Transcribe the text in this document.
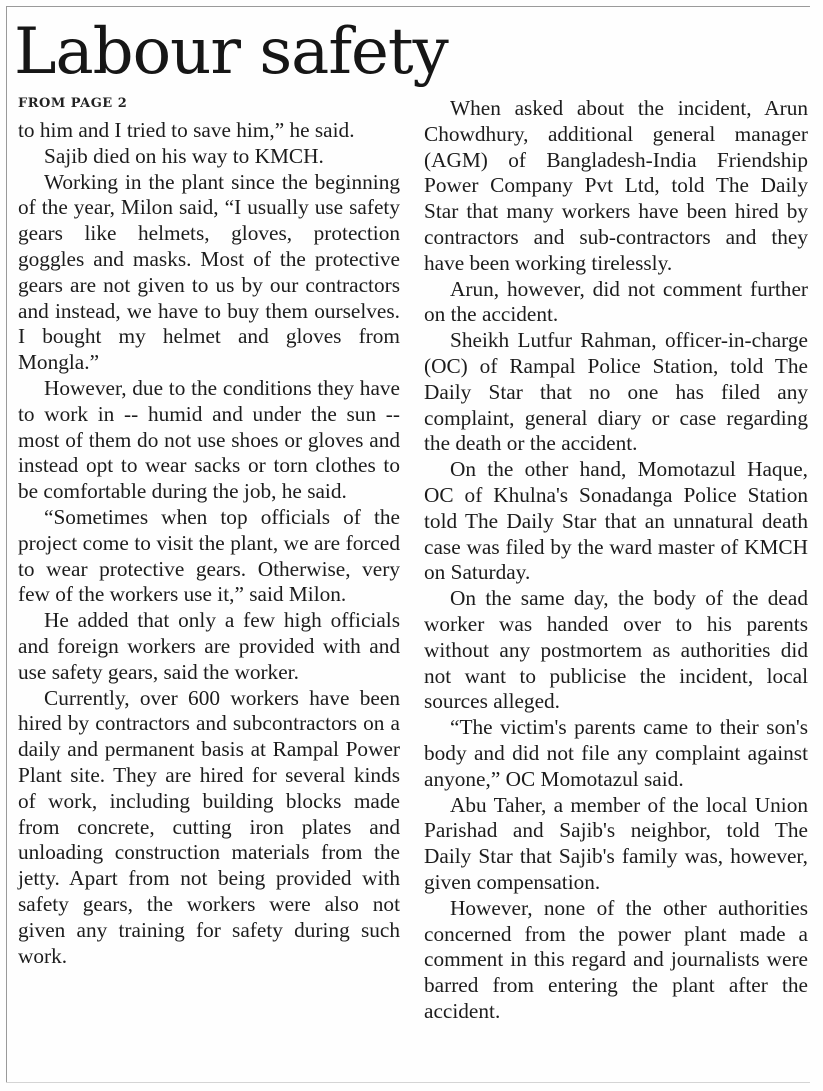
Labour safety
FROM PAGE 2

to him and I tried to save him,” he said.

Sajib died on his way to KMCH.

Working in the plant since the beginning of the year, Milon said, “I usually use safety gears like helmets, gloves, protection goggles and masks. Most of the protective gears are not given to us by our contractors and instead, we have to buy them ourselves. I bought my helmet and gloves from Mongla.”

However, due to the conditions they have to work in -- humid and under the sun -- most of them do not use shoes or gloves and instead opt to wear sacks or torn clothes to be comfortable during the job, he said.

“Sometimes when top officials of the project come to visit the plant, we are forced to wear protective gears. Otherwise, very few of the workers use it,” said Milon.

He added that only a few high officials and foreign workers are provided with and use safety gears, said the worker.

Currently, over 600 workers have been hired by contractors and subcontractors on a daily and permanent basis at Rampal Power Plant site. They are hired for several kinds of work, including building blocks made from concrete, cutting iron plates and unloading construction materials from the jetty. Apart from not being provided with safety gears, the workers were also not given any training for safety during such work.

When asked about the incident, Arun Chowdhury, additional general manager (AGM) of Bangladesh-India Friendship Power Company Pvt Ltd, told The Daily Star that many workers have been hired by contractors and sub-contractors and they have been working tirelessly.

Arun, however, did not comment further on the accident.

Sheikh Lutfur Rahman, officer-in-charge (OC) of Rampal Police Station, told The Daily Star that no one has filed any complaint, general diary or case regarding the death or the accident.

On the other hand, Momotazul Haque, OC of Khulna's Sonadanga Police Station told The Daily Star that an unnatural death case was filed by the ward master of KMCH on Saturday.

On the same day, the body of the dead worker was handed over to his parents without any postmortem as authorities did not want to publicise the incident, local sources alleged.

“The victim's parents came to their son's body and did not file any complaint against anyone,” OC Momotazul said.

Abu Taher, a member of the local Union Parishad and Sajib's neighbor, told The Daily Star that Sajib's family was, however, given compensation.

However, none of the other authorities concerned from the power plant made a comment in this regard and journalists were barred from entering the plant after the accident.
